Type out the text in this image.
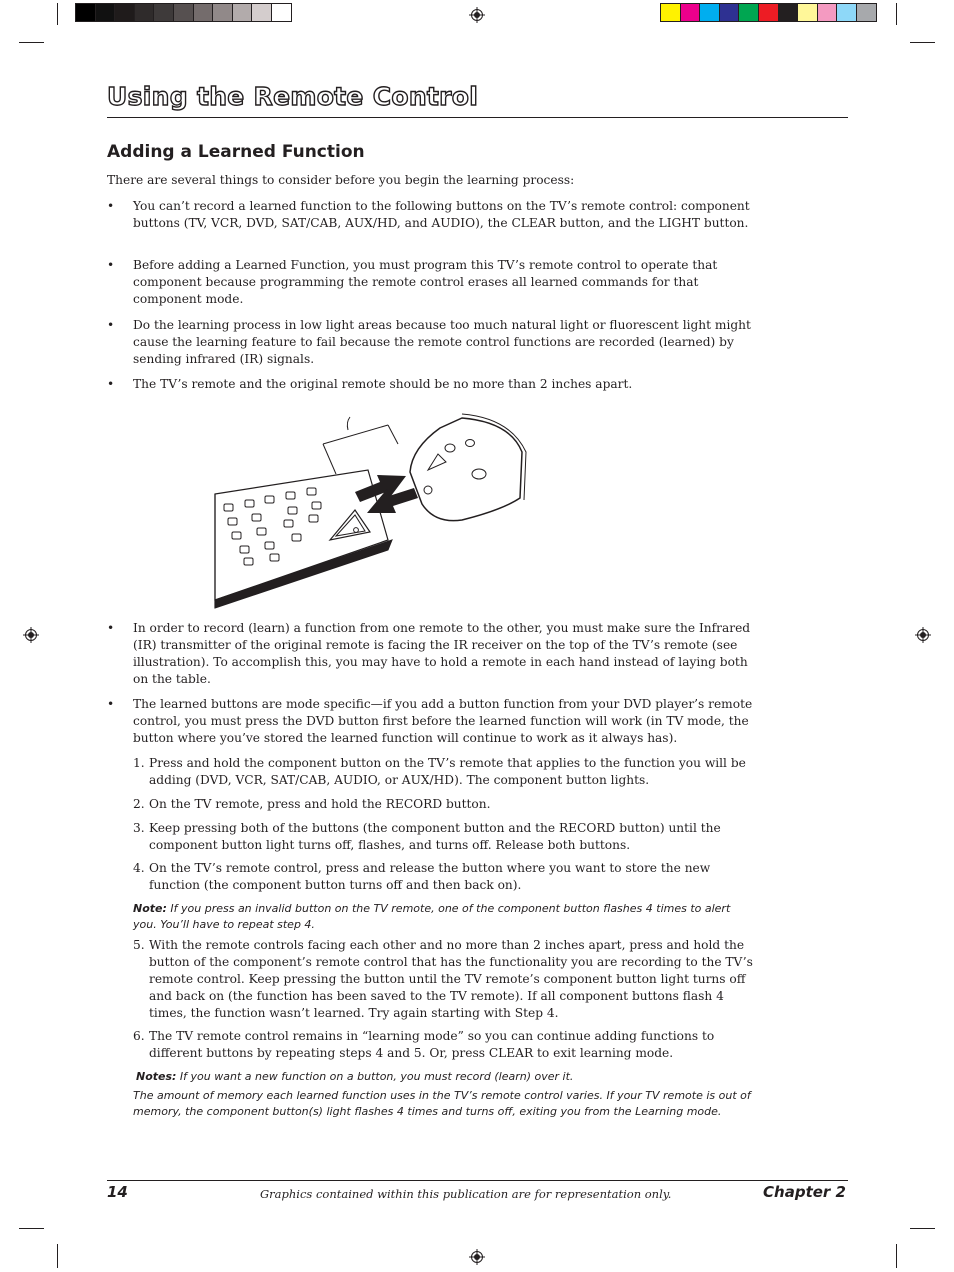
Using the Remote Control
Adding a Learned Function

There are several things to consider before you begin the learning process:

• You can’t record a learned function to the following buttons on the TV’s remote control: component buttons (TV, VCR, DVD, SAT/CAB, AUX/HD, and AUDIO), the CLEAR button, and the LIGHT button.

• Before adding a Learned Function, you must program this TV’s remote control to operate that component because programming the remote control erases all learned commands for that component mode.

• Do the learning process in low light areas because too much natural light or fluorescent light might cause the learning feature to fail because the remote control functions are recorded (learned) by sending infrared (IR) signals.

• The TV’s remote and the original remote should be no more than 2 inches apart.

• In order to record (learn) a function from one remote to the other, you must make sure the Infrared (IR) transmitter of the original remote is facing the IR receiver on the top of the TV’s remote (see illustration). To accomplish this, you may have to hold a remote in each hand instead of laying both on the table.

• The learned buttons are mode specific—if you add a button function from your DVD player’s remote control, you must press the DVD button first before the learned function will work (in TV mode, the button where you’ve stored the learned function will continue to work as it always has).

1. Press and hold the component button on the TV’s remote that applies to the function you will be adding (DVD, VCR, SAT/CAB, AUDIO, or AUX/HD). The component button lights.

2. On the TV remote, press and hold the RECORD button.

3. Keep pressing both of the buttons (the component button and the RECORD button) until the component button light turns off, flashes, and turns off. Release both buttons.

4. On the TV’s remote control, press and release the button where you want to store the new function (the component button turns off and then back on).

Note: If you press an invalid button on the TV remote, one of the component button flashes 4 times to alert you. You’ll have to repeat step 4.

5. With the remote controls facing each other and no more than 2 inches apart, press and hold the button of the component’s remote control that has the functionality you are recording to the TV’s remote control. Keep pressing the button until the TV remote’s component button light turns off and back on (the function has been saved to the TV remote). If all component buttons flash 4 times, the function wasn’t learned. Try again starting with Step 4.

6. The TV remote control remains in “learning mode” so you can continue adding functions to different buttons by repeating steps 4 and 5. Or, press CLEAR to exit learning mode.

Notes: If you want a new function on a button, you must record (learn) over it.

The amount of memory each learned function uses in the TV’s remote control varies. If your TV remote is out of memory, the component button(s) light flashes 4 times and turns off, exiting you from the Learning mode.

14	Graphics contained within this publication are for representation only.	Chapter 2
